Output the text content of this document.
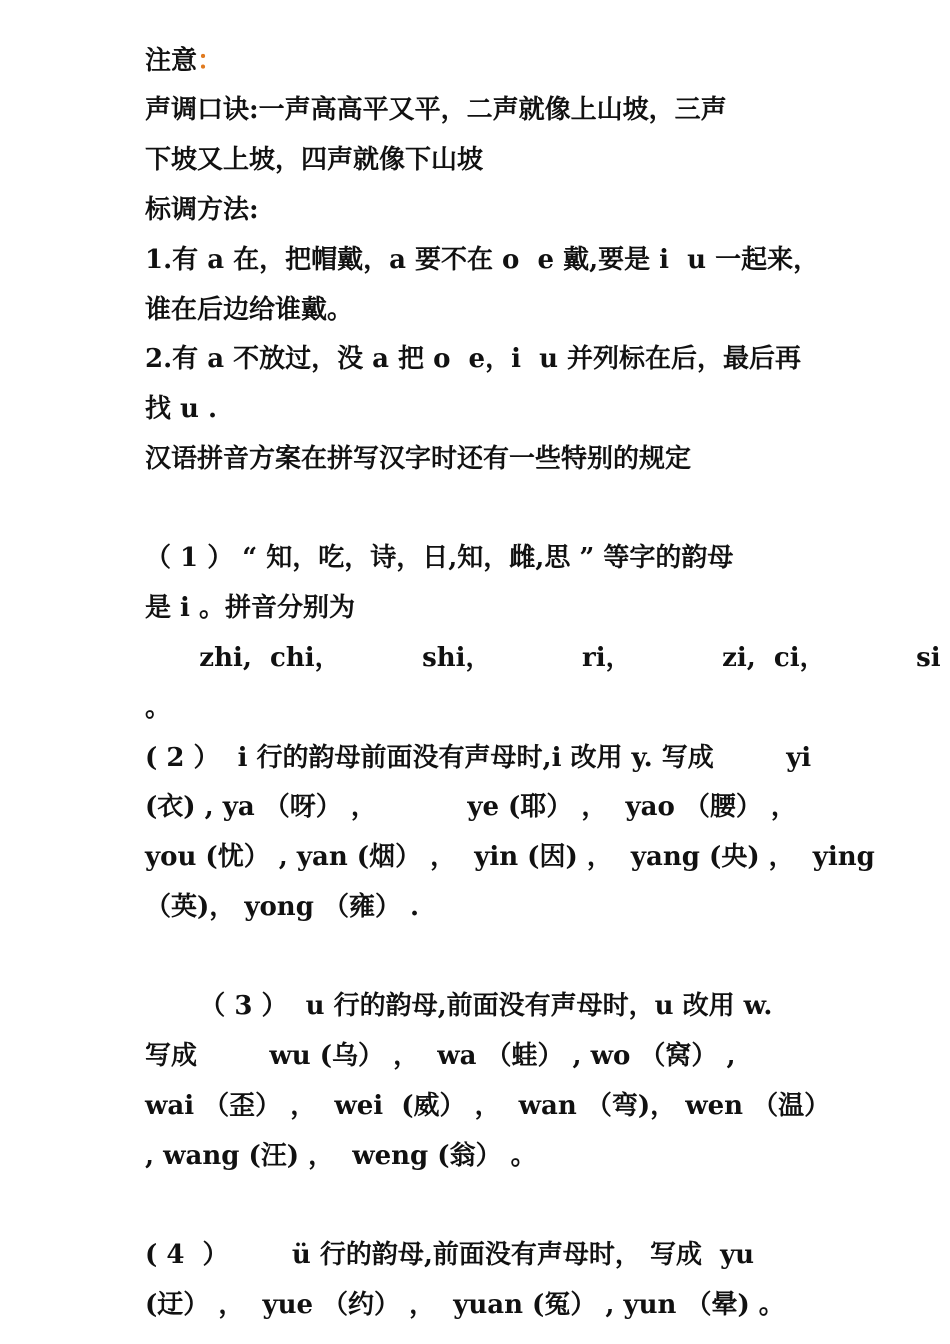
注意：
声调口诀:一声高高平又平，二声就像上山坡，三声
下坡又上坡，四声就像下山坡
标调方法:
1.有 a 在，把帽戴，a 要不在 o  e 戴,要是 i  u 一起来，
谁在后边给谁戴。
2.有 a 不放过，没 a 把 o  e，i  u 并列标在后，最后再
找 u .
汉语拼音方案在拼写汉字时还有一些特别的规定
（ 1 ） “ 知，吃，诗，日,知，雌,思 ” 等字的韵母
是 i 。拼音分别为
zhi,  chi，         shi，          ri，          zi,  ci，          si
。
( 2 ）  i 行的韵母前面没有声母时,i 改用 y. 写成        yi
(衣) , ya （呀） ，          ye (耶） ，  yao （腰） ，
you (忧） , yan (烟） ，  yin (因) ，  yang (央) ，  ying
（英)， yong （雍） .
（ 3 ）  u 行的韵母,前面没有声母时，u 改用 w.
写成        wu (乌） ，  wa （蛙） , wo （窝） ,
wai （歪） ，  wei  (威） ，  wan （弯)， wen （温）
, wang (汪) ，  weng (翁） 。
( 4  ）       ü 行的韵母,前面没有声母时， 写成  yu
(迂） ，  yue （约） ，  yuan (冤） , yun （晕) 。
